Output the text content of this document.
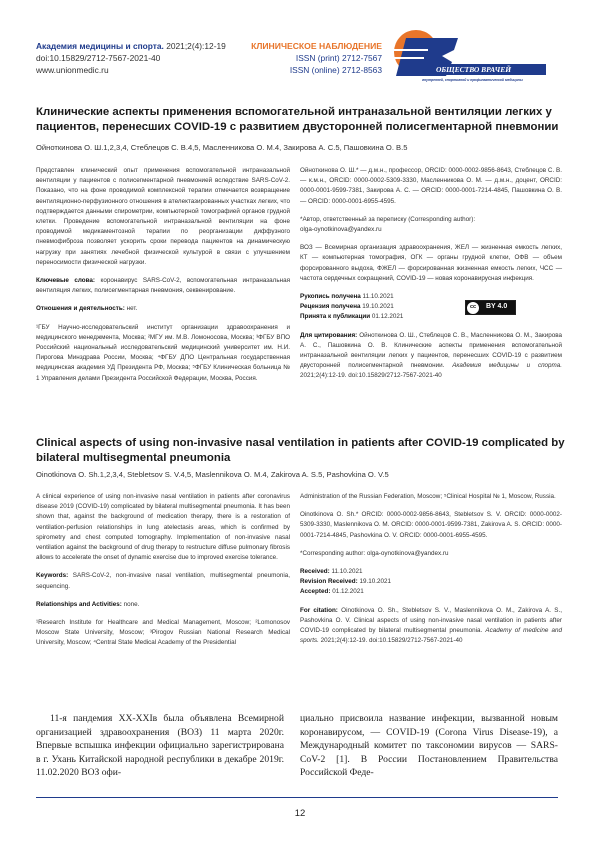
Академия медицины и спорта. 2021;2(4):12-19
doi:10.15829/2712-7567-2021-40
www.unionmedic.ru
КЛИНИЧЕСКОЕ НАБЛЮДЕНИЕ
ISSN (print) 2712-7567
ISSN (online) 2712-8563	ОБЩЕСТВО ВРАЧЕЙ
внутренней, спортивной и профилактической медицины
Клинические аспекты применения вспомогательной интраназальной вентиляции легких у пациентов, перенесших COVID-19 с развитием двусторонней полисегментарной пневмонии
Ойноткинова О. Ш.1,2,3,4, Стеблецов С. В.4,5, Масленникова О. М.4, Закирова А. С.5, Пашовкина О. В.5

Представлен клинический опыт применения вспомогательной интраназальной вентиляции у пациентов с полисегментарной пневмонией вследствие SARS-CoV-2. Показано, что на фоне проводимой комплексной терапии отмечается возвращение вентиляционно-перфузионного отношения в ателектазированных участках легких, что подтверждается данными спирометрии, компьютерной томографией органов грудной клетки. Проведение вспомогательной интраназальной вентиляции на фоне проводимой медикаментозной терапии по реорганизации диффузного пневмофиброза позволяет ускорить сроки перевода пациентов на динамическую нагрузку при занятиях лечебной физической культурой в связи с улучшением переносимости физической нагрузки.

Ключевые слова: коронавирус SARS-CoV-2, вспомогательная интраназальная вентиляция легких, полисегментарная пневмония, секвенирование.

Отношения и деятельность: нет.

¹ГБУ Научно-исследовательский институт организации здравоохранения и медицинского менеджмента, Москва; ²МГУ им. М.В. Ломоносова, Москва; ³ФГБУ ВПО Российский национальный исследовательский медицинский университет им. Н.И. Пирогова Минздрава России, Москва; ⁴ФГБУ ДПО Центральная государственная медицинская академия УД Президента РФ, Москва; ⁵ФГБУ Клиническая больница № 1 Управления делами Президента Российской Федерации, Москва, Россия.

Ойноткинова О. Ш.* — д.м.н., профессор, ORCID: 0000-0002-9856-8643, Стеблецов С. В. — к.м.н., ORCID: 0000-0002-5309-3330, Масленникова О. М. — д.м.н., доцент, ORCID: 0000-0001-9599-7381, Закирова А. С. — ORCID: 0000-0001-7214-4845, Пашовкина О. В. — ORCID: 0000-0001-6955-4595.

*Автор, ответственный за переписку (Corresponding author):
olga-oynotkinova@yandex.ru

ВОЗ — Всемирная организация здравоохранения, ЖЕЛ — жизненная емкость легких, КТ — компьютерная томография, ОГК — органы грудной клетки, ОФВ — объем форсированного выдоха, ФЖЕЛ — форсированная жизненная емкость легких, ЧСС — частота сердечных сокращений, COVID-19 — новая коронавирусная инфекция.

Рукопись получена 11.10.2021
Рецензия получена 19.10.2021
Принята к публикации 01.12.2021
cc	BY 4.0

Для цитирования: Ойноткинова О. Ш., Стеблецов С. В., Масленникова О. М., Закирова А. С., Пашовкина О. В. Клинические аспекты применения вспомогательной интраназальной вентиляции легких у пациентов, перенесших COVID-19 с развитием двусторонней полисегментарной пневмонии. Академия медицины и спорта. 2021;2(4):12-19. doi:10.15829/2712-7567-2021-40

Clinical aspects of using non-invasive nasal ventilation in patients after COVID-19 complicated by bilateral multisegmental pneumonia
Oinotkinova O. Sh.1,2,3,4, Stebletsov S. V.4,5, Maslennikova O. M.4, Zakirova A. S.5, Pashovkina O. V.5

A clinical experience of using non-invasive nasal ventilation in patients after coronavirus disease 2019 (COVID-19) complicated by bilateral multisegmental pneumonia. It has been shown that, against the background of medication therapy, there is a restoration of ventilation-perfusion relationships in lung atelectasis areas, which is confirmed by spirometry and chest computed tomography. Implementation of non-invasive nasal ventilation against the background of drug therapy to restructure diffuse pulmonary fibrosis allows to accelerate the onset of dynamic exercise due to improved exercise tolerance.

Keywords: SARS-CoV-2, non-invasive nasal ventilation, multisegmental pneumonia, sequencing.

Relationships and Activities: none.

¹Research Institute for Healthcare and Medical Management, Moscow; ²Lomonosov Moscow State University, Moscow; ³Pirogov Russian National Research Medical University, Moscow; ⁴Central State Medical Academy of the Presidential

Administration of the Russian Federation, Moscow; ⁵Clinical Hospital № 1, Moscow, Russia.

Oinotkinova O. Sh.* ORCID: 0000-0002-9856-8643, Stebletsov S. V. ORCID: 0000-0002-5309-3330, Maslennikova O. M. ORCID: 0000-0001-9599-7381, Zakirova A. S. ORCID: 0000-0001-7214-4845, Pashovkina O. V. ORCID: 0000-0001-6955-4595.

*Corresponding author: olga-oynotkinova@yandex.ru

Received: 11.10.2021
Revision Received: 19.10.2021
Accepted: 01.12.2021

For citation: Oinotkinova O. Sh., Stebletsov S. V., Maslennikova O. M., Zakirova A. S., Pashovkina O. V. Clinical aspects of using non-invasive nasal ventilation in patients after COVID-19 complicated by bilateral multisegmental pneumonia. Academy of medicine and sports. 2021;2(4):12-19. doi:10.15829/2712-7567-2021-40

11-я пандемия XX-XXIв была объявлена Всемирной организацией здравоохранения (ВОЗ) 11 марта 2020г. Впервые вспышка инфекции официально зарегистрирована в г. Ухань Китайской народной республики в декабре 2019г. 11.02.2020 ВОЗ офи-
циально присвоила название инфекции, вызванной новым коронавирусом, — COVID-19 (Corona Virus Disease-19), а Международный комитет по таксономии вирусов — SARS-CoV-2 [1]. В России Постановлением Правительства Российской Феде-
12
